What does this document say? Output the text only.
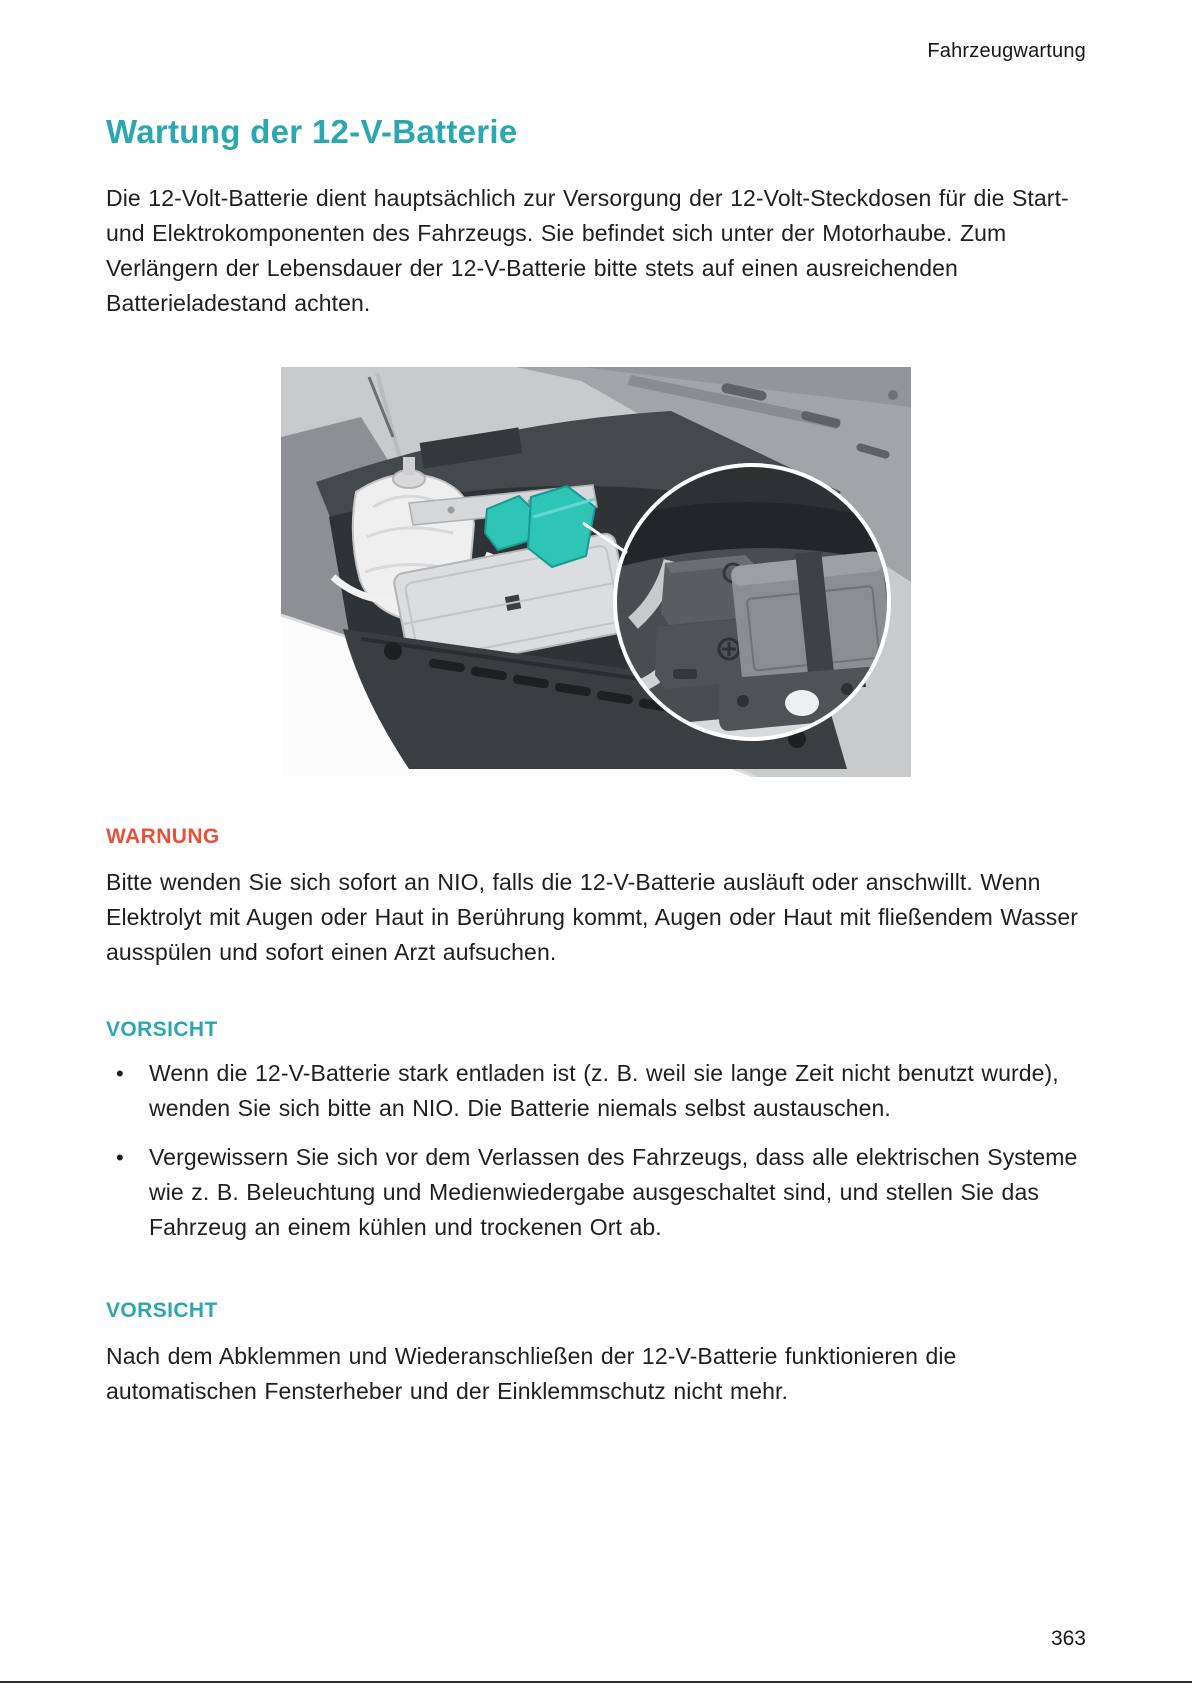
Fahrzeugwartung
Wartung der 12-V-Batterie

Die 12-Volt-Batterie dient hauptsächlich zur Versorgung der 12-Volt-Steckdosen für die Start- und Elektrokomponenten des Fahrzeugs. Sie befindet sich unter der Motorhaube. Zum Verlängern der Lebensdauer der 12-V-Batterie bitte stets auf einen ausreichenden Batterieladestand achten.

WARNUNG

Bitte wenden Sie sich sofort an NIO, falls die 12-V-Batterie ausläuft oder anschwillt. Wenn Elektrolyt mit Augen oder Haut in Berührung kommt, Augen oder Haut mit fließendem Wasser ausspülen und sofort einen Arzt aufsuchen.

VORSICHT
• Wenn die 12-V-Batterie stark entladen ist (z. B. weil sie lange Zeit nicht benutzt wurde), wenden Sie sich bitte an NIO. Die Batterie niemals selbst austauschen.
• Vergewissern Sie sich vor dem Verlassen des Fahrzeugs, dass alle elektrischen Systeme wie z. B. Beleuchtung und Medienwiedergabe ausgeschaltet sind, und stellen Sie das Fahrzeug an einem kühlen und trockenen Ort ab.
VORSICHT

Nach dem Abklemmen und Wiederanschließen der 12-V-Batterie funktionieren die automatischen Fensterheber und der Einklemmschutz nicht mehr.

363
